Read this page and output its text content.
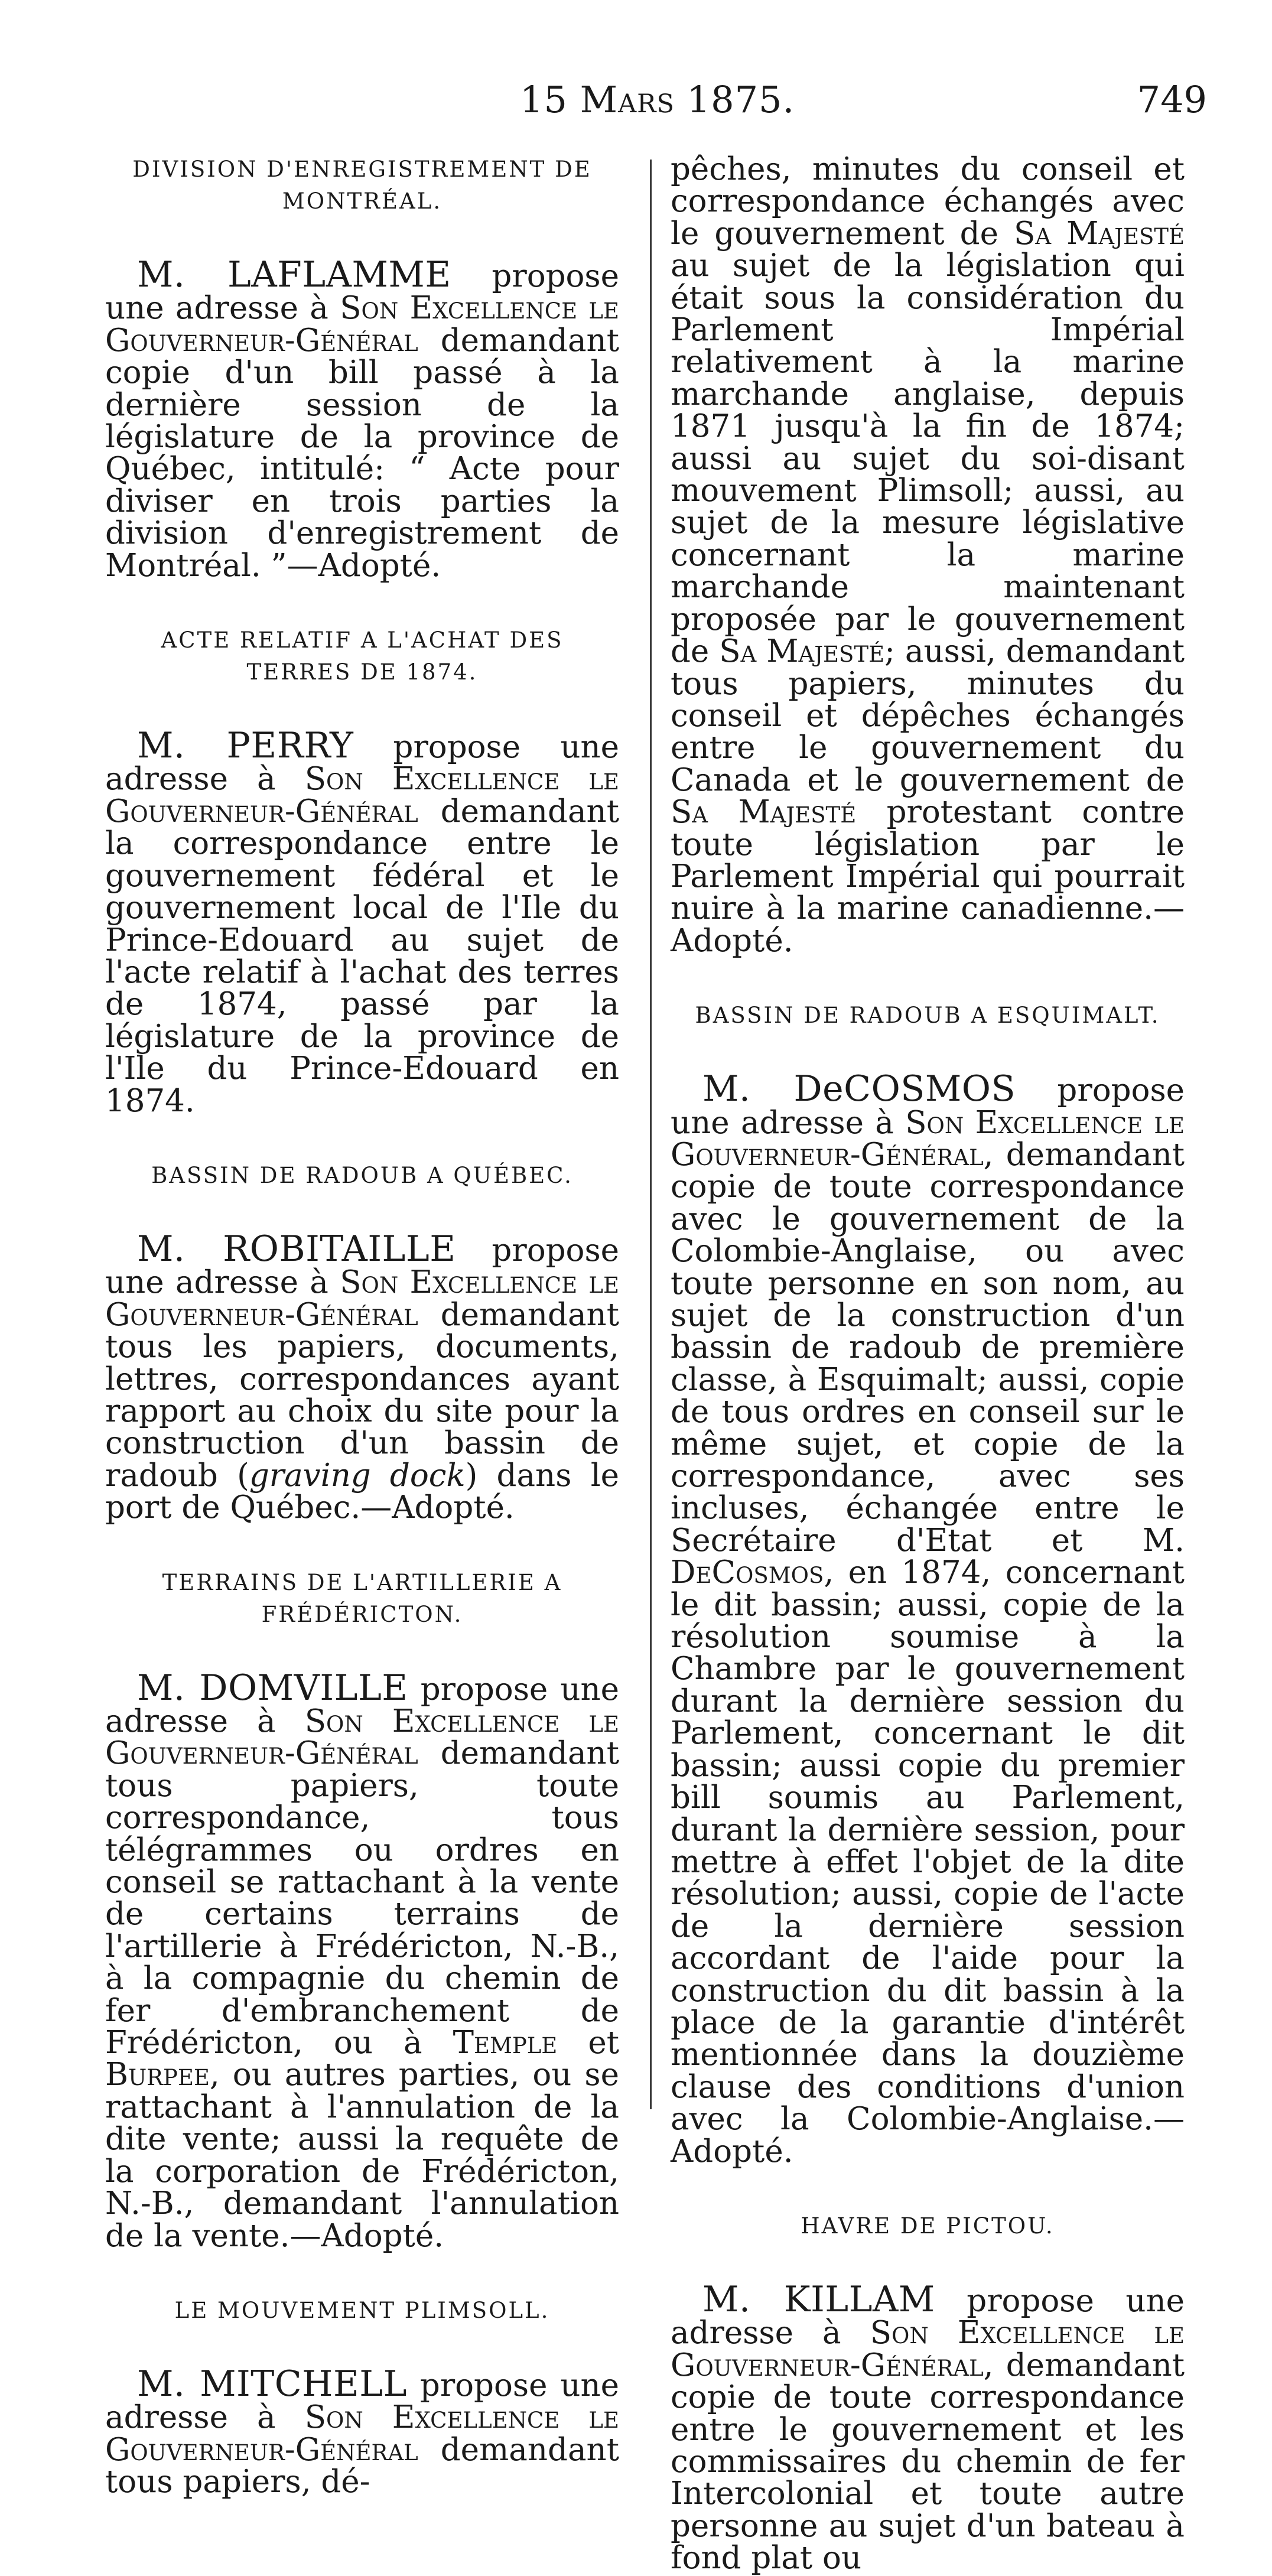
15 Mars 1875.	749
DIVISION D'ENREGISTREMENT DE MONTRÉAL.

M. LAFLAMME propose une adresse à Son Excellence le Gouverneur-Général demandant copie d'un bill passé à la dernière session de la législature de la province de Québec, intitulé: “ Acte pour diviser en trois parties la division d'enregistrement de Montréal. ”—Adopté.

ACTE RELATIF A L'ACHAT DES TERRES DE 1874.

M. PERRY propose une adresse à Son Excellence le Gouverneur-Général demandant la correspondance entre le gouvernement fédéral et le gouvernement local de l'Ile du Prince-Edouard au sujet de l'acte relatif à l'achat des terres de 1874, passé par la législature de la province de l'Ile du Prince-Edouard en 1874.

BASSIN DE RADOUB A QUÉBEC.

M. ROBITAILLE propose une adresse à Son Excellence le Gouverneur-Général demandant tous les papiers, documents, lettres, correspondances ayant rapport au choix du site pour la construction d'un bassin de radoub (graving dock) dans le port de Québec.—Adopté.

TERRAINS DE L'ARTILLERIE A FRÉDÉRICTON.

M. DOMVILLE propose une adresse à Son Excellence le Gouverneur-Général demandant tous papiers, toute correspondance, tous télégrammes ou ordres en conseil se rattachant à la vente de certains terrains de l'artillerie à Frédéricton, N.-B., à la compagnie du chemin de fer d'embranchement de Frédéricton, ou à Temple et Burpee, ou autres parties, ou se rattachant à l'annulation de la dite vente; aussi la requête de la corporation de Frédéricton, N.-B., demandant l'annulation de la vente.—Adopté.

LE MOUVEMENT PLIMSOLL.

M. MITCHELL propose une adresse à Son Excellence le Gouverneur-Général demandant tous papiers, dé-

pêches, minutes du conseil et correspondance échangés avec le gouvernement de Sa Majesté au sujet de la législation qui était sous la considération du Parlement Impérial relativement à la marine marchande anglaise, depuis 1871 jusqu'à la fin de 1874; aussi au sujet du soi-disant mouvement Plimsoll; aussi, au sujet de la mesure législative concernant la marine marchande maintenant proposée par le gouvernement de Sa Majesté; aussi, demandant tous papiers, minutes du conseil et dépêches échangés entre le gouvernement du Canada et le gouvernement de Sa Majesté protestant contre toute législation par le Parlement Impérial qui pourrait nuire à la marine canadienne.—Adopté.

BASSIN DE RADOUB A ESQUIMALT.

M. DeCOSMOS propose une adresse à Son Excellence le Gouverneur-Général, demandant copie de toute correspondance avec le gouvernement de la Colombie-Anglaise, ou avec toute personne en son nom, au sujet de la construction d'un bassin de radoub de première classe, à Esquimalt; aussi, copie de tous ordres en conseil sur le même sujet, et copie de la correspondance, avec ses incluses, échangée entre le Secrétaire d'Etat et M. DeCosmos, en 1874, concernant le dit bassin; aussi, copie de la résolution soumise à la Chambre par le gouvernement durant la dernière session du Parlement, concernant le dit bassin; aussi copie du premier bill soumis au Parlement, durant la dernière session, pour mettre à effet l'objet de la dite résolution; aussi, copie de l'acte de la dernière session accordant de l'aide pour la construction du dit bassin à la place de la garantie d'intérêt mentionnée dans la douzième clause des conditions d'union avec la Colombie-Anglaise.—Adopté.

HAVRE DE PICTOU.

M. KILLAM propose une adresse à Son Excellence le Gouverneur-Général, demandant copie de toute correspondance entre le gouvernement et les commissaires du chemin de fer Intercolonial et toute autre personne au sujet d'un bateau à fond plat ou
